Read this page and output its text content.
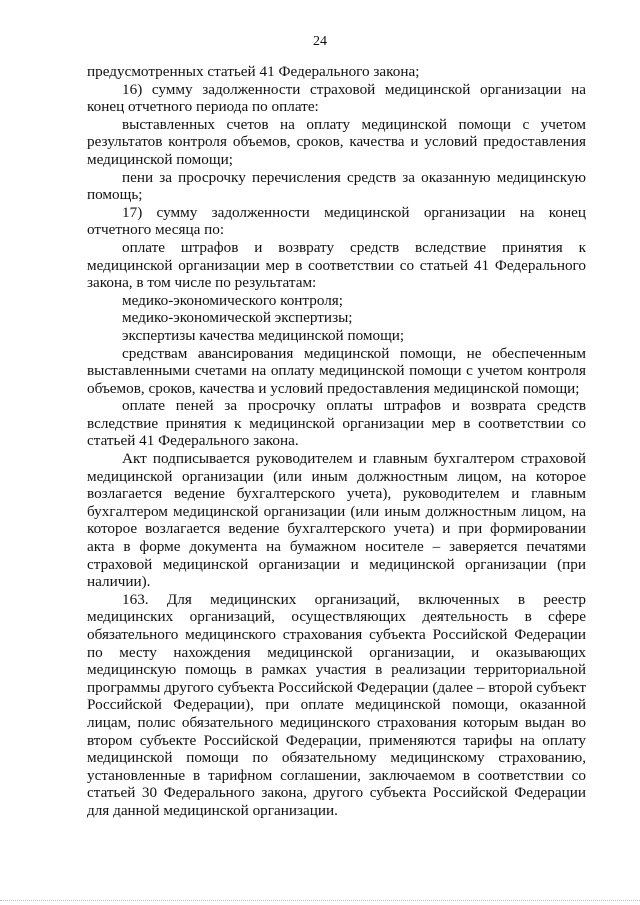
24

предусмотренных статьей 41 Федерального закона;

16) сумму задолженности страховой медицинской организации на конец отчетного периода по оплате:

выставленных счетов на оплату медицинской помощи с учетом результатов контроля объемов, сроков, качества и условий предоставления медицинской помощи;

пени за просрочку перечисления средств за оказанную медицинскую помощь;

17) сумму задолженности медицинской организации на конец отчетного месяца по:

оплате штрафов и возврату средств вследствие принятия к медицинской организации мер в соответствии со статьей 41 Федерального закона, в том числе по результатам:

медико-экономического контроля;

медико-экономической экспертизы;

экспертизы качества медицинской помощи;

средствам авансирования медицинской помощи, не обеспеченным выставленными счетами на оплату медицинской помощи с учетом контроля объемов, сроков, качества и условий предоставления медицинской помощи;

оплате пеней за просрочку оплаты штрафов и возврата средств вследствие принятия к медицинской организации мер в соответствии со статьей 41 Федерального закона.

Акт подписывается руководителем и главным бухгалтером страховой медицинской организации (или иным должностным лицом, на которое возлагается ведение бухгалтерского учета), руководителем и главным бухгалтером медицинской организации (или иным должностным лицом, на которое возлагается ведение бухгалтерского учета) и при формировании акта в форме документа на бумажном носителе – заверяется печатями страховой медицинской организации и медицинской организации (при наличии).

163. Для медицинских организаций, включенных в реестр медицинских организаций, осуществляющих деятельность в сфере обязательного медицинского страхования субъекта Российской Федерации по месту нахождения медицинской организации, и оказывающих медицинскую помощь в рамках участия в реализации территориальной программы другого субъекта Российской Федерации (далее – второй субъект Российской Федерации), при оплате медицинской помощи, оказанной лицам, полис обязательного медицинского страхования которым выдан во втором субъекте Российской Федерации, применяются тарифы на оплату медицинской помощи по обязательному медицинскому страхованию, установленные в тарифном соглашении, заключаемом в соответствии со статьей 30 Федерального закона, другого субъекта Российской Федерации для данной медицинской организации.
